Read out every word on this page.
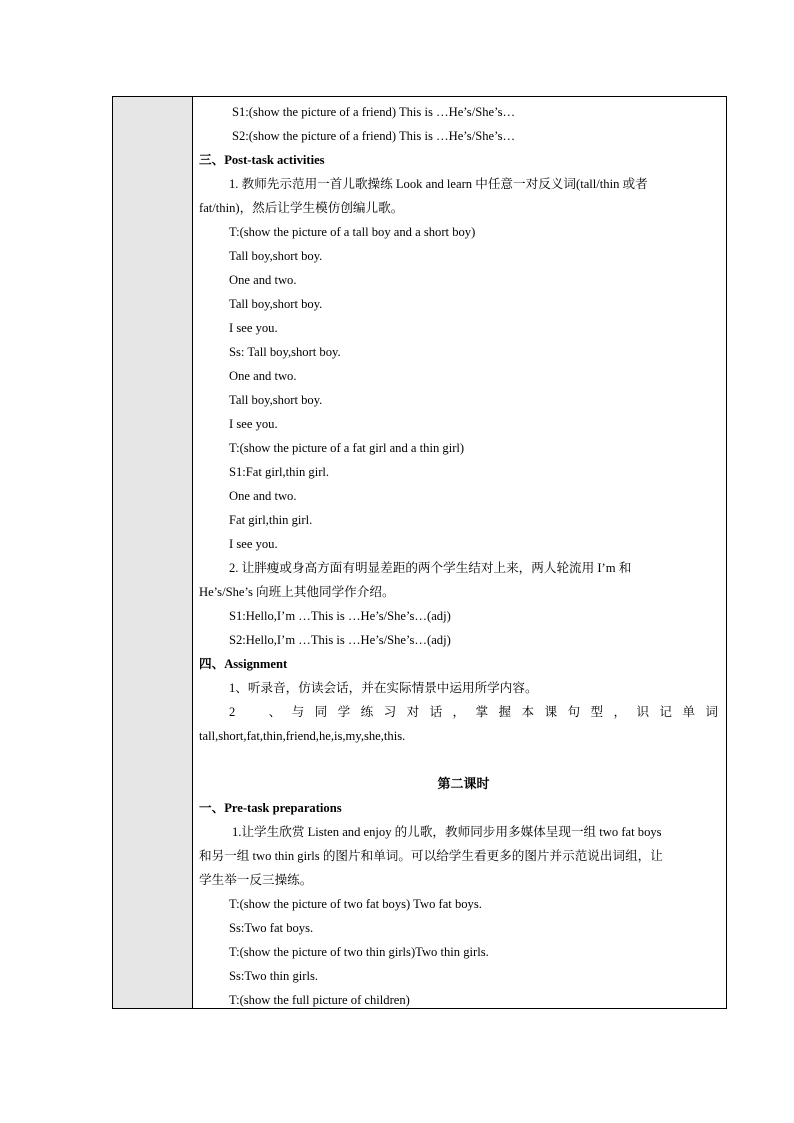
S1:(show the picture of a friend) This is …He’s/She’s…
S2:(show the picture of a friend) This is …He’s/She’s…
三、Post-task activities
1. 教师先示范用一首儿歌操练 Look and learn 中任意一对反义词(tall/thin 或者
fat/thin)，然后让学生模仿创编儿歌。
T:(show the picture of a tall boy and a short boy)
Tall boy,short boy.
One and two.
Tall boy,short boy.
I see you.
Ss: Tall boy,short boy.
One and two.
Tall boy,short boy.
I see you.
T:(show the picture of a fat girl and a thin girl)
S1:Fat girl,thin girl.
One and two.
Fat girl,thin girl.
I see you.
2. 让胖瘦或身高方面有明显差距的两个学生结对上来，两人轮流用 I’m 和
He’s/She’s 向班上其他同学作介绍。
S1:Hello,I’m …This is …He’s/She’s…(adj)
S2:Hello,I’m …This is …He’s/She’s…(adj)
四、Assignment
1、听录音，仿读会话，并在实际情景中运用所学内容。
2　、与同学练习对话，掌握本课句型，识记单词
tall,short,fat,thin,friend,he,is,my,she,this.
第二课时
一、Pre-task preparations
1.让学生欣赏 Listen and enjoy 的儿歌，教师同步用多媒体呈现一组 two fat boys
和另一组 two thin girls 的图片和单词。可以给学生看更多的图片并示范说出词组，让
学生举一反三操练。
T:(show the picture of two fat boys) Two fat boys.
Ss:Two fat boys.
T:(show the picture of two thin girls)Two thin girls.
Ss:Two thin girls.
T:(show the full picture of children)
